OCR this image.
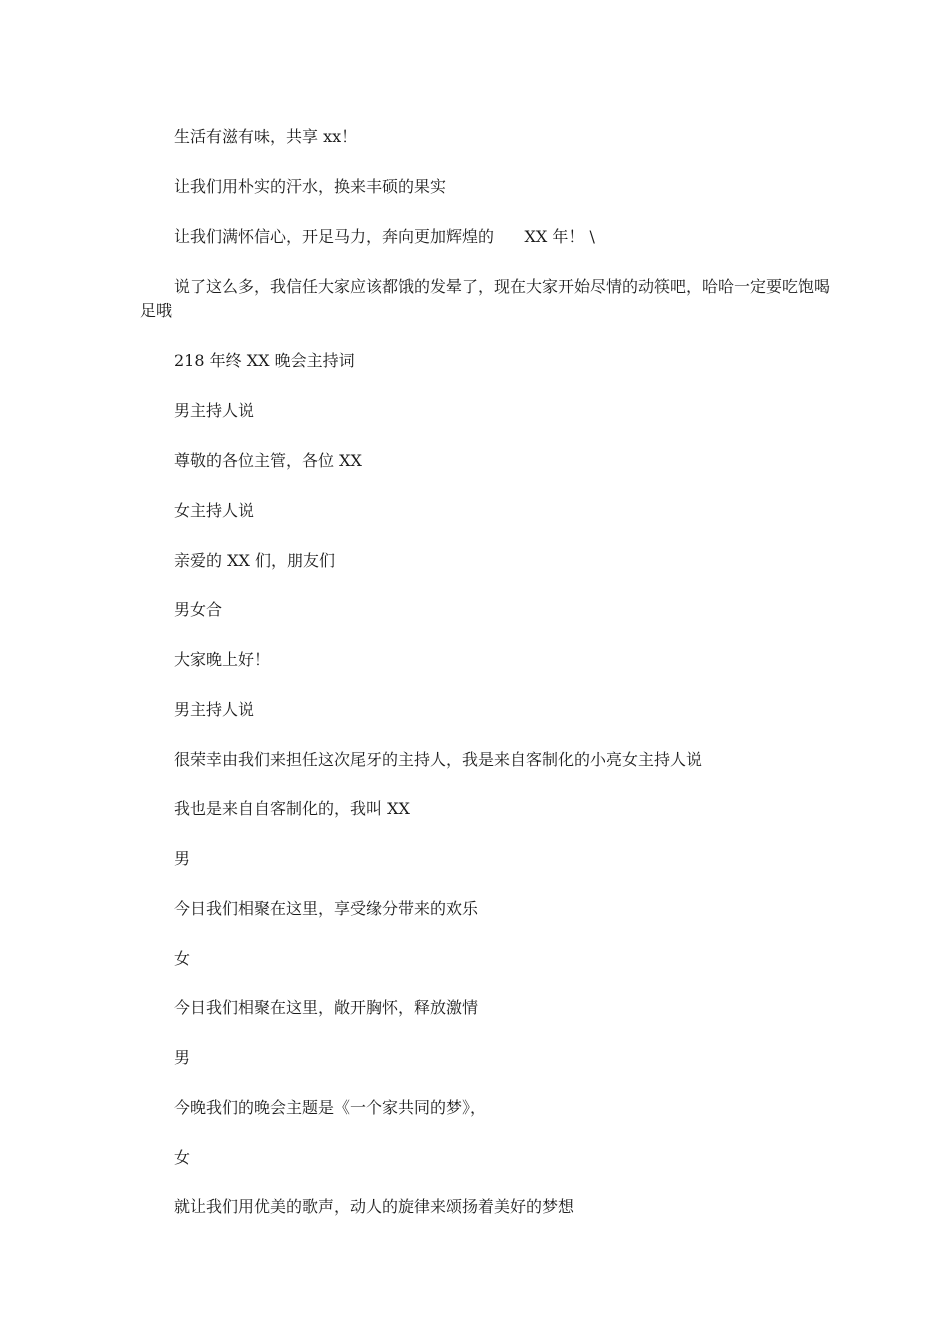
生活有滋有味，共享 xx！

让我们用朴实的汗水，换来丰硕的果实

让我们满怀信心，开足马力，奔向更加辉煌的      XX 年！ \

说了这么多，我信任大家应该都饿的发晕了，现在大家开始尽情的动筷吧，哈哈一定要吃饱喝足哦

218 年终 XX 晚会主持词

男主持人说

尊敬的各位主管，各位 XX

女主持人说

亲爱的 XX 们，朋友们

男女合

大家晚上好！

男主持人说

很荣幸由我们来担任这次尾牙的主持人，我是来自客制化的小亮女主持人说

我也是来自自客制化的，我叫 XX

男

今日我们相聚在这里，享受缘分带来的欢乐

女

今日我们相聚在这里，敞开胸怀，释放激情

男

今晚我们的晚会主题是《一个家共同的梦》，

女

就让我们用优美的歌声，动人的旋律来颂扬着美好的梦想
